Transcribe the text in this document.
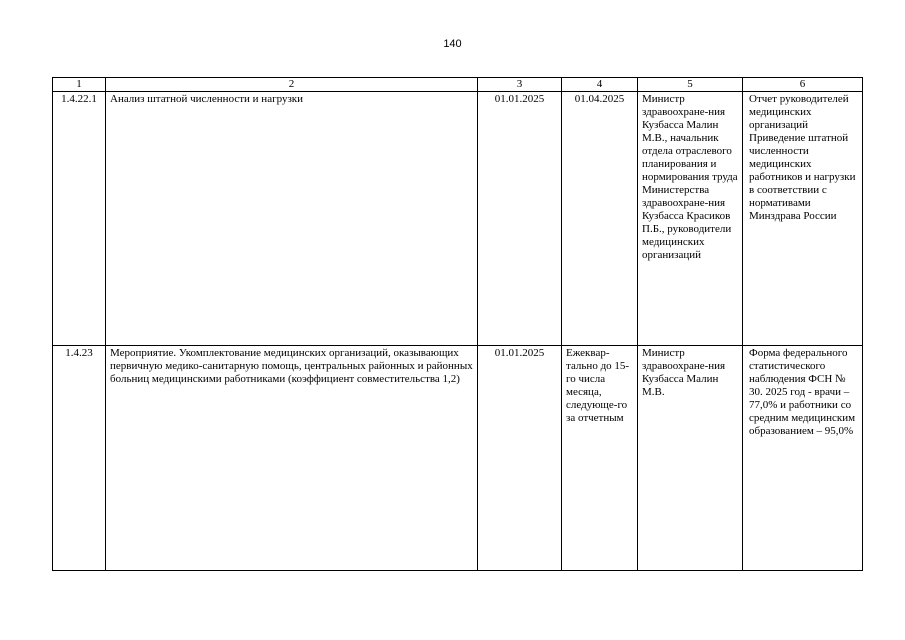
140
1	2	3	4	5	6
1.4.22.1	Анализ штатной численности и нагрузки	01.01.2025	01.04.2025	Министр здравоохране-ния Кузбасса Малин М.В., начальник отдела отраслевого планирования и нормирования труда Министерства здравоохране-ния Кузбасса Красиков П.Б., руководители медицинских организаций	Отчет руководителей медицинских организаций Приведение штатной численности медицинских работников и нагрузки в соответствии с нормативами Минздрава России
1.4.23	Мероприятие. Укомплектование медицинских организаций, оказывающих первичную медико-санитарную помощь, центральных районных и районных больниц медицинскими работниками (коэффициент совместительства 1,2)	01.01.2025	Ежеквар-тально до 15-го числа месяца, следующе-го за отчетным	Министр здравоохране-ния Кузбасса Малин М.В.	Форма федерального статистического наблюдения ФСН № 30. 2025 год - врачи – 77,0% и работники со средним медицинским образованием – 95,0%
